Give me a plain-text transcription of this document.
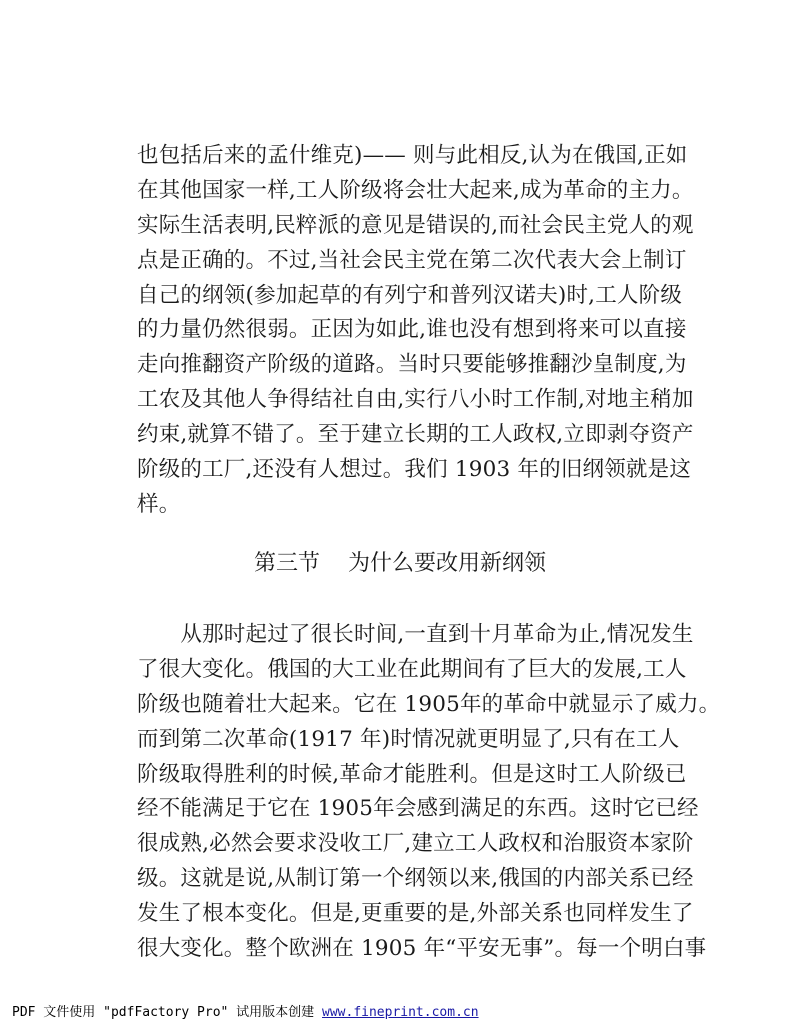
也包括后来的孟什维克)—— 则与此相反,认为在俄国,正如
在其他国家一样,工人阶级将会壮大起来,成为革命的主力。
实际生活表明,民粹派的意见是错误的,而社会民主党人的观
点是正确的。不过,当社会民主党在第二次代表大会上制订
自己的纲领(参加起草的有列宁和普列汉诺夫)时,工人阶级
的力量仍然很弱。正因为如此,谁也没有想到将来可以直接
走向推翻资产阶级的道路。当时只要能够推翻沙皇制度,为
工农及其他人争得结社自由,实行八小时工作制,对地主稍加
约束,就算不错了。至于建立长期的工人政权,立即剥夺资产
阶级的工厂,还没有人想过。我们 1903 年的旧纲领就是这
样。
第三节 为什么要改用新纲领
　　从那时起过了很长时间,一直到十月革命为止,情况发生
了很大变化。俄国的大工业在此期间有了巨大的发展,工人
阶级也随着壮大起来。它在 1905年的革命中就显示了威力。
而到第二次革命(1917 年)时情况就更明显了,只有在工人
阶级取得胜利的时候,革命才能胜利。但是这时工人阶级已
经不能满足于它在 1905年会感到满足的东西。这时它已经
很成熟,必然会要求没收工厂,建立工人政权和治服资本家阶
级。这就是说,从制订第一个纲领以来,俄国的内部关系已经
发生了根本变化。但是,更重要的是,外部关系也同样发生了
很大变化。整个欧洲在 1905 年“平安无事”。每一个明白事
PDF 文件使用 "pdfFactory Pro" 试用版本创建 www.fineprint.com.cn
